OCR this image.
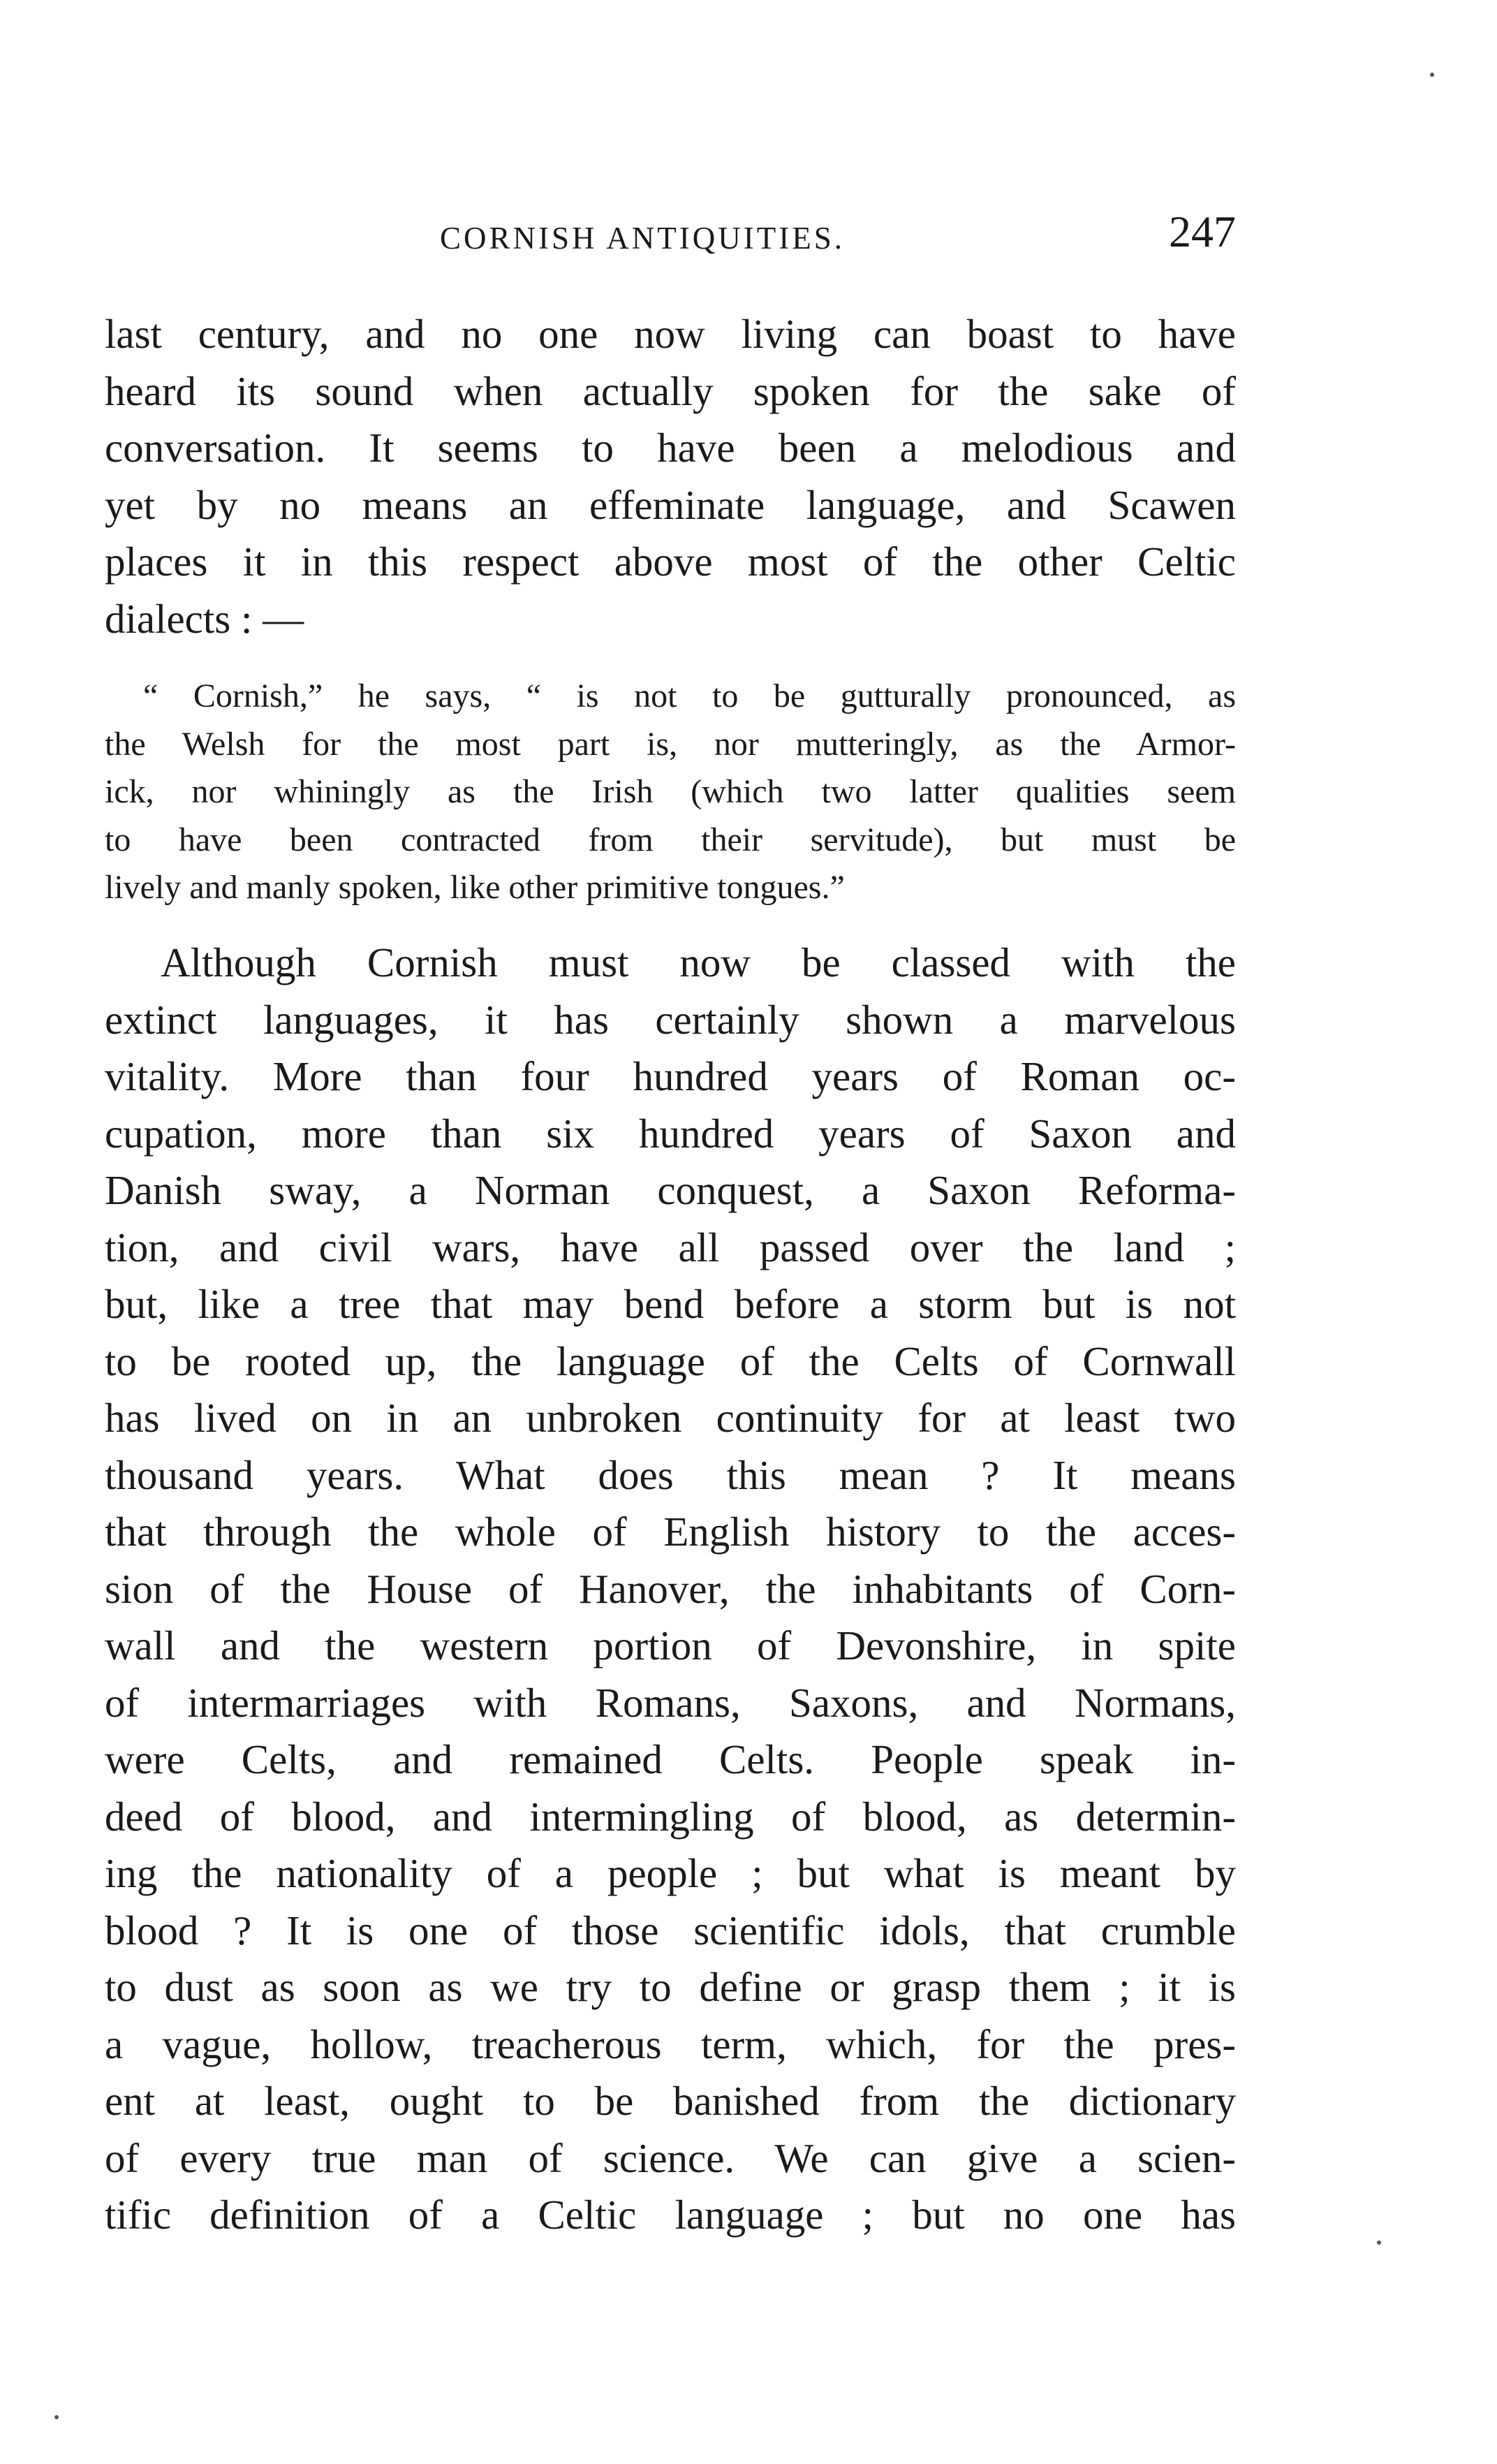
CORNISH ANTIQUITIES.	247
last century, and no one now living can boast to have
heard its sound when actually spoken for the sake of
conversation. It seems to have been a melodious and
yet by no means an effeminate language, and Scawen
places it in this respect above most of the other Celtic
dialects : —
“ Cornish,” he says, “ is not to be gutturally pronounced, as
the Welsh for the most part is, nor mutteringly, as the Armor-
ick, nor whiningly as the Irish (which two latter qualities seem
to have been contracted from their servitude), but must be
lively and manly spoken, like other primitive tongues.”
Although Cornish must now be classed with the
extinct languages, it has certainly shown a marvelous
vitality. More than four hundred years of Roman oc-
cupation, more than six hundred years of Saxon and
Danish sway, a Norman conquest, a Saxon Reforma-
tion, and civil wars, have all passed over the land ;
but, like a tree that may bend before a storm but is not
to be rooted up, the language of the Celts of Cornwall
has lived on in an unbroken continuity for at least two
thousand years. What does this mean ? It means
that through the whole of English history to the acces-
sion of the House of Hanover, the inhabitants of Corn-
wall and the western portion of Devonshire, in spite
of intermarriages with Romans, Saxons, and Normans,
were Celts, and remained Celts. People speak in-
deed of blood, and intermingling of blood, as determin-
ing the nationality of a people ; but what is meant by
blood ? It is one of those scientific idols, that crumble
to dust as soon as we try to define or grasp them ; it is
a vague, hollow, treacherous term, which, for the pres-
ent at least, ought to be banished from the dictionary
of every true man of science. We can give a scien-
tific definition of a Celtic language ; but no one has
